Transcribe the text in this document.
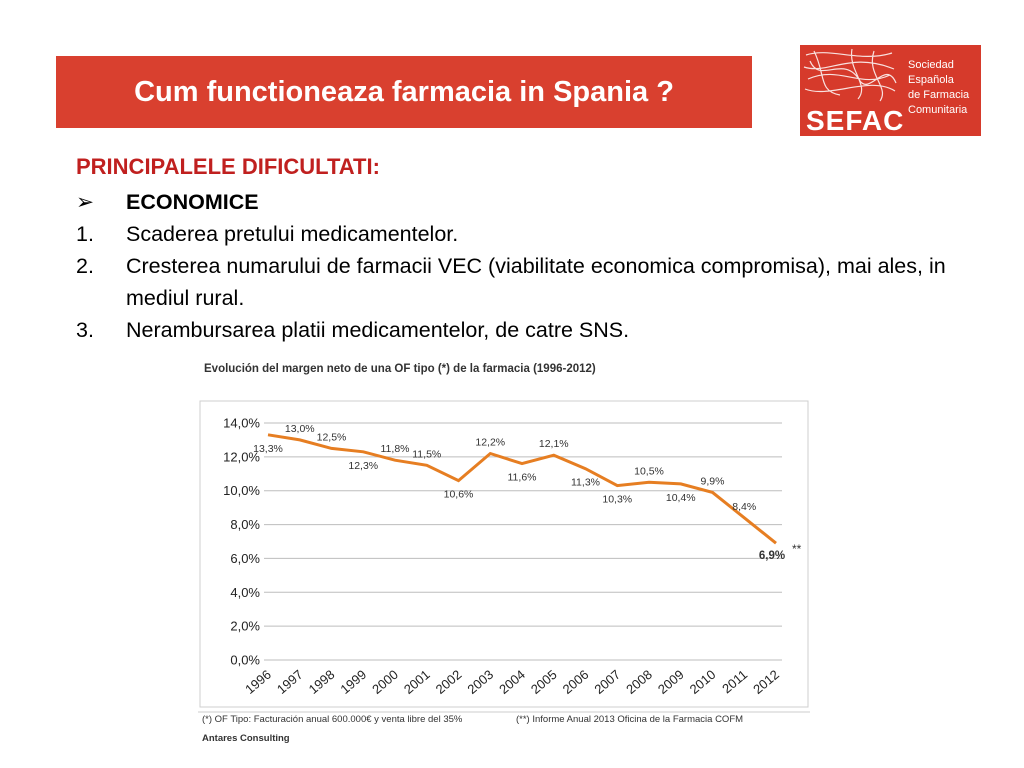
Cum functioneaza farmacia in Spania ?
Sociedad
Española
de Farmacia
Comunitaria
SEFAC
PRINCIPALELE DIFICULTATI:
➢	ECONOMICE
1.	Scaderea pretului medicamentelor.
2.	Cresterea numarului de farmacii VEC (viabilitate economica compromisa), mai ales, in mediul rural.
3.	Nerambursarea platii medicamentelor, de catre SNS.
Evolución del margen neto de una OF tipo (*) de la farmacia (1996-2012)
0,0%
2,0%
4,0%
6,0%
8,0%
10,0%
12,0%
14,0%
1996 1997 1998 1999 2000 2001 2002 2003 2004 2005 2006 2007 2008 2009 2010 2011 2012
13,3%
13,0%
12,5%
12,3%
11,8% 11,5%
10,6%
12,2%
11,6%
12,1%
11,3%
10,3%
10,5%
10,4%
9,9%
8,4%
6,9% **
(*) OF Tipo: Facturación anual 600.000€ y venta libre del 35%	(**) Informe Anual 2013 Oficina de la Farmacia COFM
Antares Consulting
